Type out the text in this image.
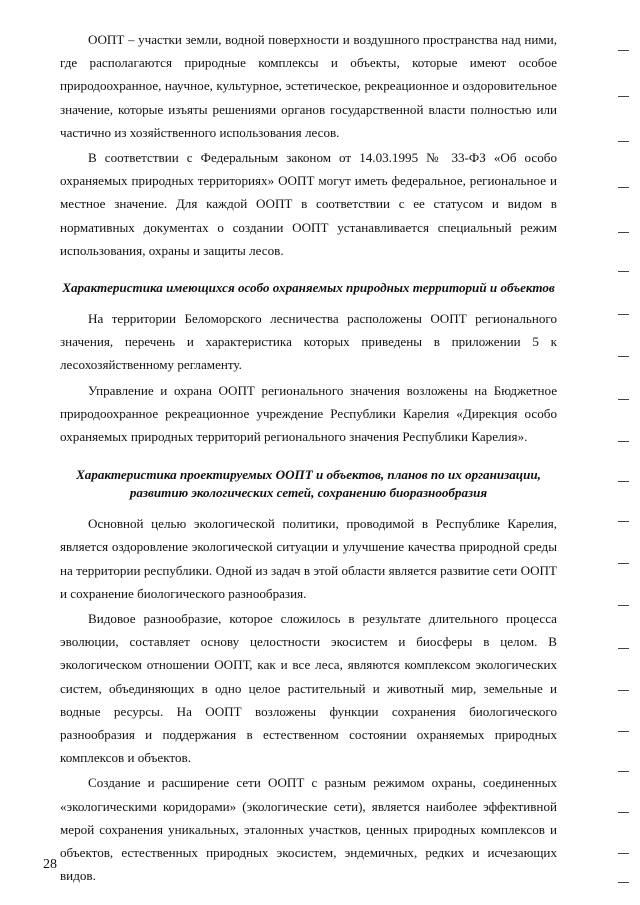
ООПТ – участки земли, водной поверхности и воздушного пространства над ними, где располагаются природные комплексы и объекты, которые имеют особое природоохранное, научное, культурное, эстетическое, рекреационное и оздоровительное значение, которые изъяты решениями органов государственной власти полностью или частично из хозяйственного использования лесов.

В соответствии с Федеральным законом от 14.03.1995 № 33-ФЗ «Об особо охраняемых природных территориях» ООПТ могут иметь федеральное, региональное и местное значение. Для каждой ООПТ в соответствии с ее статусом и видом в нормативных документах о создании ООПТ устанавливается специальный режим использования, охраны и защиты лесов.

Характеристика имеющихся особо охраняемых природных территорий и объектов

На территории Беломорского лесничества расположены ООПТ регионального значения, перечень и характеристика которых приведены в приложении 5 к лесохозяйственному регламенту.

Управление и охрана ООПТ регионального значения возложены на Бюджетное природоохранное рекреационное учреждение Республики Карелия «Дирекция особо охраняемых природных территорий регионального значения Республики Карелия».

Характеристика проектируемых ООПТ и объектов, планов по их организации,
развитию экологических сетей, сохранению биоразнообразия

Основной целью экологической политики, проводимой в Республике Карелия, является оздоровление экологической ситуации и улучшение качества природной среды на территории республики. Одной из задач в этой области является развитие сети ООПТ и сохранение биологического разнообразия.

Видовое разнообразие, которое сложилось в результате длительного процесса эволюции, составляет основу целостности экосистем и биосферы в целом. В экологическом отношении ООПТ, как и все леса, являются комплексом экологических систем, объединяющих в одно целое растительный и животный мир, земельные и водные ресурсы. На ООПТ возложены функции сохранения биологического разнообразия и поддержания в естественном состоянии охраняемых природных комплексов и объектов.

Создание и расширение сети ООПТ с разным режимом охраны, соединенных «экологическими коридорами» (экологические сети), является наиболее эффективной мерой сохранения уникальных, эталонных участков, ценных природных комплексов и объектов, естественных природных экосистем, эндемичных, редких и исчезающих видов.

28
